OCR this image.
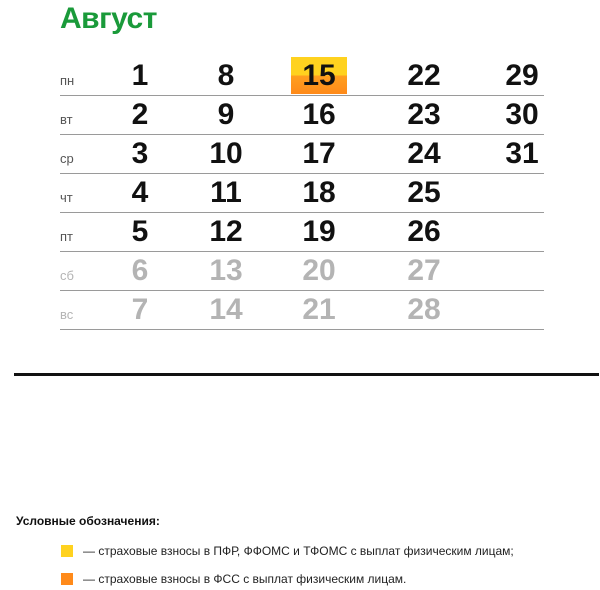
Август
пн	1	8	15	22	29
вт	2	9	16	23	30
ср	3	10	17	24	31
чт	4	11	18	25
пт	5	12	19	26
сб	6	13	20	27
вс	7	14	21	28
Условные обозначения:
— страховые взносы в ПФР, ФФОМС и ТФОМС с выплат физическим лицам;
— страховые взносы в ФСС с выплат физическим лицам.
